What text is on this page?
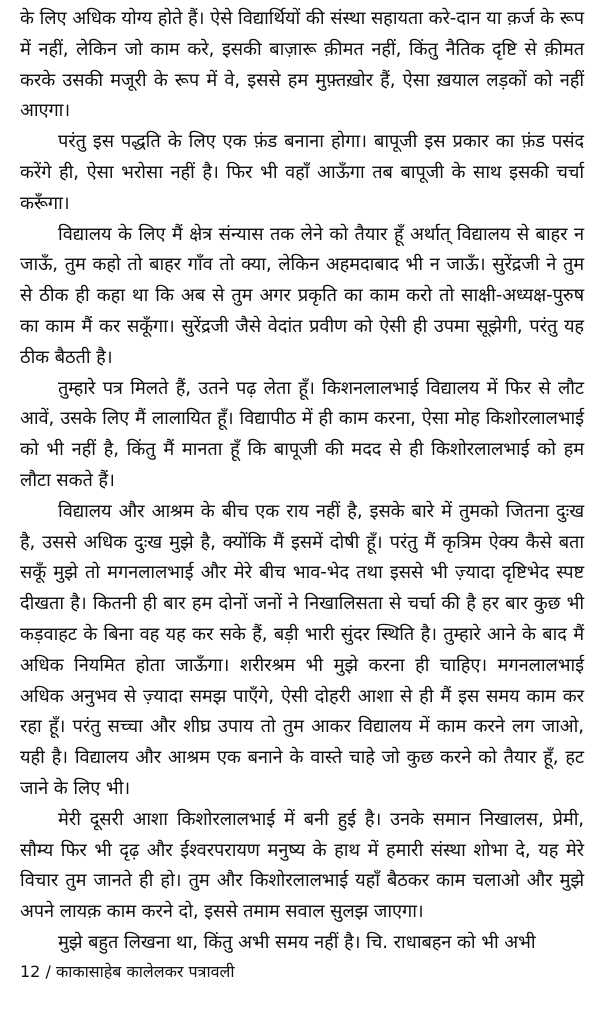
के लिए अधिक योग्य होते हैं। ऐसे विद्यार्थियों की संस्था सहायता करे-दान या क़र्ज के रूप में नहीं, लेकिन जो काम करे, इसकी बाज़ारू क़ीमत नहीं, किंतु नैतिक दृष्टि से क़ीमत करके उसकी मजूरी के रूप में वे, इससे हम मुफ़्तख़ोर हैं, ऐसा ख़याल लड़कों को नहीं आएगा।

परंतु इस पद्धति के लिए एक फ़ंड बनाना होगा। बापूजी इस प्रकार का फ़ंड पसंद करेंगे ही, ऐसा भरोसा नहीं है। फिर भी वहाँ आऊँगा तब बापूजी के साथ इसकी चर्चा करूँगा।

विद्यालय के लिए मैं क्षेत्र संन्यास तक लेने को तैयार हूँ अर्थात् विद्यालय से बाहर न जाऊँ, तुम कहो तो बाहर गाँव तो क्या, लेकिन अहमदाबाद भी न जाऊँ। सुरेंद्रजी ने तुम से ठीक ही कहा था कि अब से तुम अगर प्रकृति का काम करो तो साक्षी-अध्यक्ष-पुरुष का काम मैं कर सकूँगा। सुरेंद्रजी जैसे वेदांत प्रवीण को ऐसी ही उपमा सूझेगी, परंतु यह ठीक बैठती है।

तुम्हारे पत्र मिलते हैं, उतने पढ़ लेता हूँ। किशनलालभाई विद्यालय में फिर से लौट आवें, उसके लिए मैं लालायित हूँ। विद्यापीठ में ही काम करना, ऐसा मोह किशोरलालभाई को भी नहीं है, किंतु मैं मानता हूँ कि बापूजी की मदद से ही किशोरलालभाई को हम लौटा सकते हैं।

विद्यालय और आश्रम के बीच एक राय नहीं है, इसके बारे में तुमको जितना दुःख है, उससे अधिक दुःख मुझे है, क्योंकि मैं इसमें दोषी हूँ। परंतु मैं कृत्रिम ऐक्य कैसे बता सकूँ मुझे तो मगनलालभाई और मेरे बीच भाव-भेद तथा इससे भी ज़्यादा दृष्टिभेद स्पष्ट दीखता है। कितनी ही बार हम दोनों जनों ने निखालिसता से चर्चा की है हर बार कुछ भी कड़वाहट के बिना वह यह कर सके हैं, बड़ी भारी सुंदर स्थिति है। तुम्हारे आने के बाद मैं अधिक नियमित होता जाऊँगा। शरीरश्रम भी मुझे करना ही चाहिए। मगनलालभाई अधिक अनुभव से ज़्यादा समझ पाएँगे, ऐसी दोहरी आशा से ही मैं इस समय काम कर रहा हूँ। परंतु सच्चा और शीघ्र उपाय तो तुम आकर विद्यालय में काम करने लग जाओ, यही है। विद्यालय और आश्रम एक बनाने के वास्ते चाहे जो कुछ करने को तैयार हूँ, हट जाने के लिए भी।

मेरी दूसरी आशा किशोरलालभाई में बनी हुई है। उनके समान निखालस, प्रेमी, सौम्य फिर भी दृढ़ और ईश्वरपरायण मनुष्य के हाथ में हमारी संस्था शोभा दे, यह मेरे विचार तुम जानते ही हो। तुम और किशोरलालभाई यहाँ बैठकर काम चलाओ और मुझे अपने लायक़ काम करने दो, इससे तमाम सवाल सुलझ जाएगा।

मुझे बहुत लिखना था, किंतु अभी समय नहीं है। चि. राधाबहन को भी अभी

12 / काकासाहेब कालेलकर पत्रावली
